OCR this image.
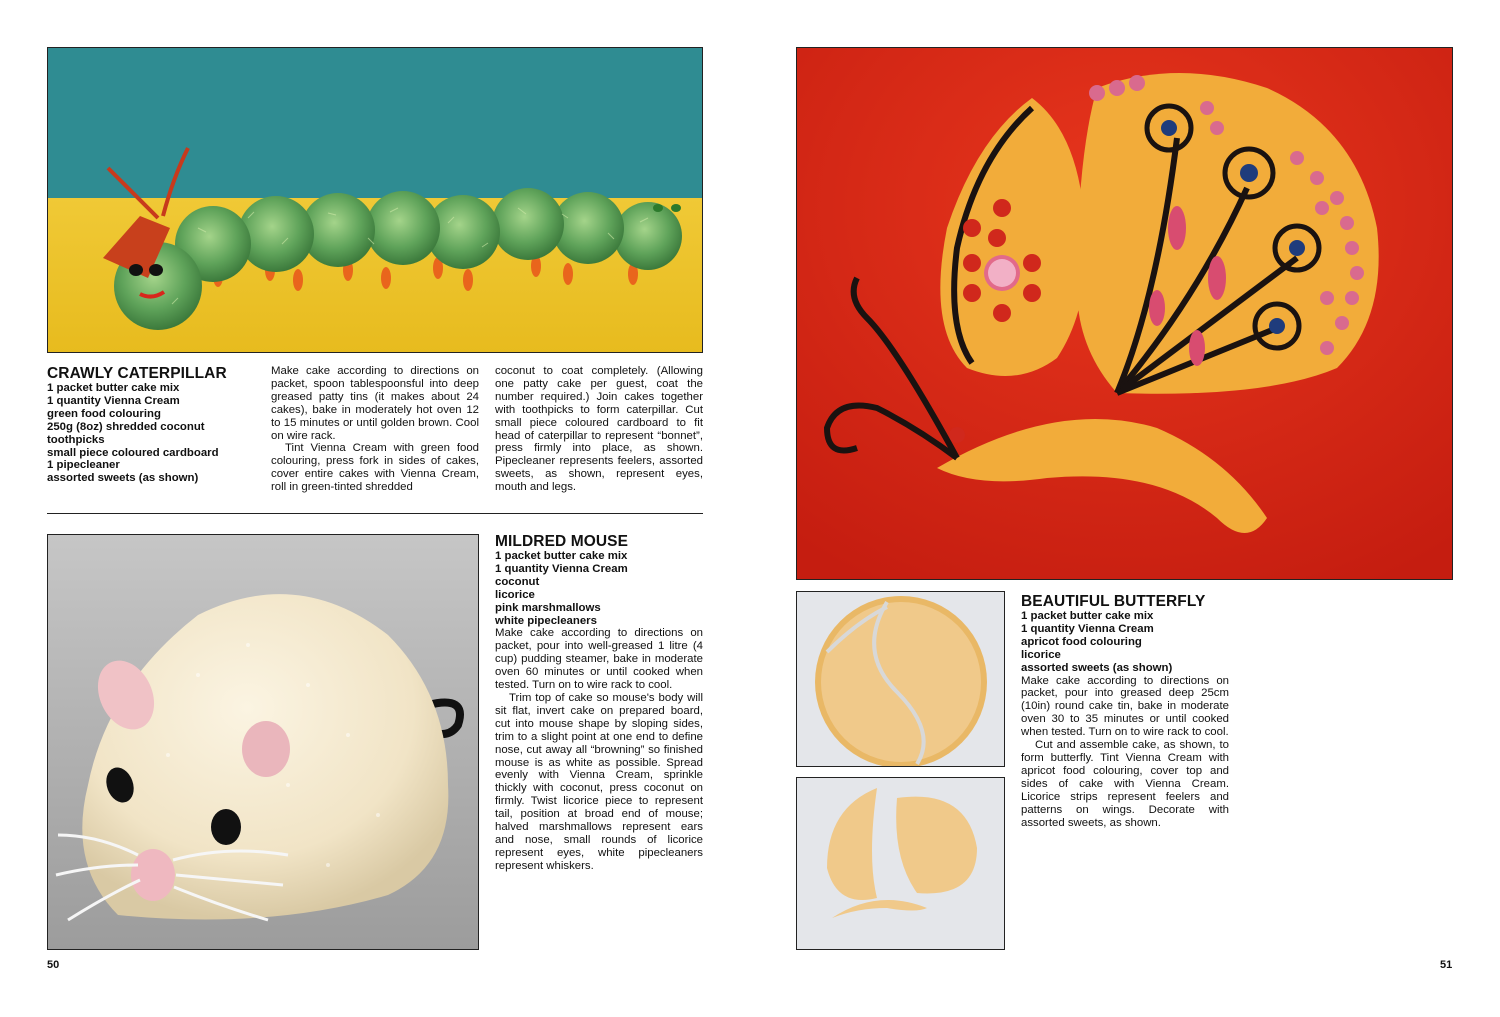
CRAWLY CATERPILLAR
1 packet butter cake mix
1 quantity Vienna Cream
green food colouring
250g (8oz) shredded coconut
toothpicks
small piece coloured cardboard
1 pipecleaner
assorted sweets (as shown)

Make cake according to directions on packet, spoon tablespoonsful into deep greased patty tins (it makes about 24 cakes), bake in moderately hot oven 12 to 15 minutes or until golden brown. Cool on wire rack.

Tint Vienna Cream with green food colouring, press fork in sides of cakes, cover entire cakes with Vienna Cream, roll in green-tinted shredded

coconut to coat completely. (Allowing one patty cake per guest, coat the number required.) Join cakes together with toothpicks to form caterpillar. Cut small piece coloured cardboard to fit head of caterpillar to represent “bonnet”, press firmly into place, as shown. Pipecleaner represents feelers, assorted sweets, as shown, represent eyes, mouth and legs.

MILDRED MOUSE
1 packet butter cake mix
1 quantity Vienna Cream
coconut
licorice
pink marshmallows
white pipecleaners

Make cake according to directions on packet, pour into well-greased 1 litre (4 cup) pudding steamer, bake in moderate oven 60 minutes or until cooked when tested. Turn on to wire rack to cool.

Trim top of cake so mouse's body will sit flat, invert cake on prepared board, cut into mouse shape by sloping sides, trim to a slight point at one end to define nose, cut away all “browning” so finished mouse is as white as possible. Spread evenly with Vienna Cream, sprinkle thickly with coconut, press coconut on firmly. Twist licorice piece to represent tail, position at broad end of mouse; halved marshmallows represent ears and nose, small rounds of licorice represent eyes, white pipecleaners represent whiskers.

50
BEAUTIFUL BUTTERFLY
1 packet butter cake mix
1 quantity Vienna Cream
apricot food colouring
licorice
assorted sweets (as shown)

Make cake according to directions on packet, pour into greased deep 25cm (10in) round cake tin, bake in moderate oven 30 to 35 minutes or until cooked when tested. Turn on to wire rack to cool.

Cut and assemble cake, as shown, to form butterfly. Tint Vienna Cream with apricot food colouring, cover top and sides of cake with Vienna Cream. Licorice strips represent feelers and patterns on wings. Decorate with assorted sweets, as shown.

51
